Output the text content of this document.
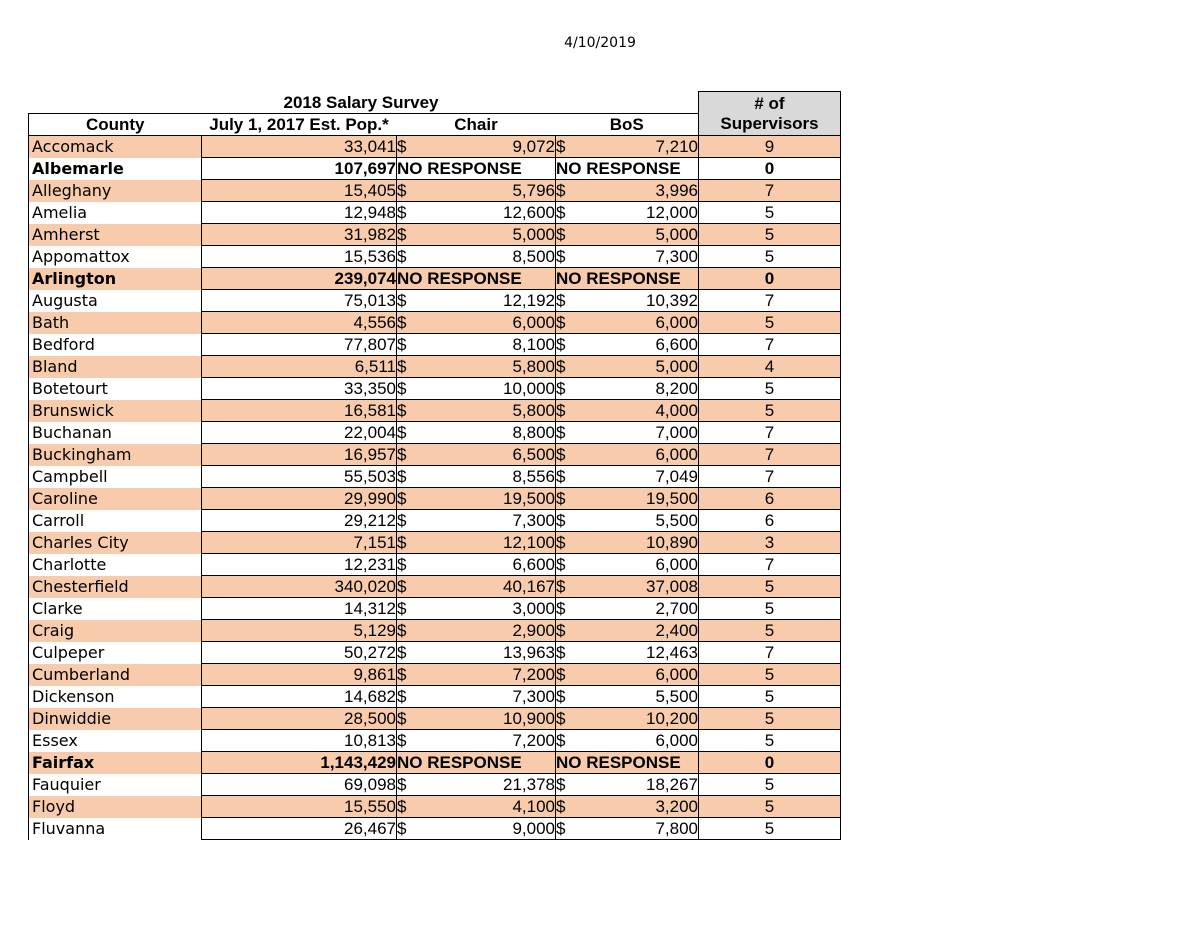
4/10/2019
	2018 Salary Survey					# of
County	July 1, 2017 Est. Pop.*	Chair		BoS		Supervisors
Accomack	33,041	$	9,072	$	7,210	9
Albemarle	107,697	NO RESPONSE		NO RESPONSE		0
Alleghany	15,405	$	5,796	$	3,996	7
Amelia	12,948	$	12,600	$	12,000	5
Amherst	31,982	$	5,000	$	5,000	5
Appomattox	15,536	$	8,500	$	7,300	5
Arlington	239,074	NO RESPONSE		NO RESPONSE		0
Augusta	75,013	$	12,192	$	10,392	7
Bath	4,556	$	6,000	$	6,000	5
Bedford	77,807	$	8,100	$	6,600	7
Bland	6,511	$	5,800	$	5,000	4
Botetourt	33,350	$	10,000	$	8,200	5
Brunswick	16,581	$	5,800	$	4,000	5
Buchanan	22,004	$	8,800	$	7,000	7
Buckingham	16,957	$	6,500	$	6,000	7
Campbell	55,503	$	8,556	$	7,049	7
Caroline	29,990	$	19,500	$	19,500	6
Carroll	29,212	$	7,300	$	5,500	6
Charles City	7,151	$	12,100	$	10,890	3
Charlotte	12,231	$	6,600	$	6,000	7
Chesterfield	340,020	$	40,167	$	37,008	5
Clarke	14,312	$	3,000	$	2,700	5
Craig	5,129	$	2,900	$	2,400	5
Culpeper	50,272	$	13,963	$	12,463	7
Cumberland	9,861	$	7,200	$	6,000	5
Dickenson	14,682	$	7,300	$	5,500	5
Dinwiddie	28,500	$	10,900	$	10,200	5
Essex	10,813	$	7,200	$	6,000	5
Fairfax	1,143,429	NO RESPONSE		NO RESPONSE		0
Fauquier	69,098	$	21,378	$	18,267	5
Floyd	15,550	$	4,100	$	3,200	5
Fluvanna	26,467	$	9,000	$	7,800	5
